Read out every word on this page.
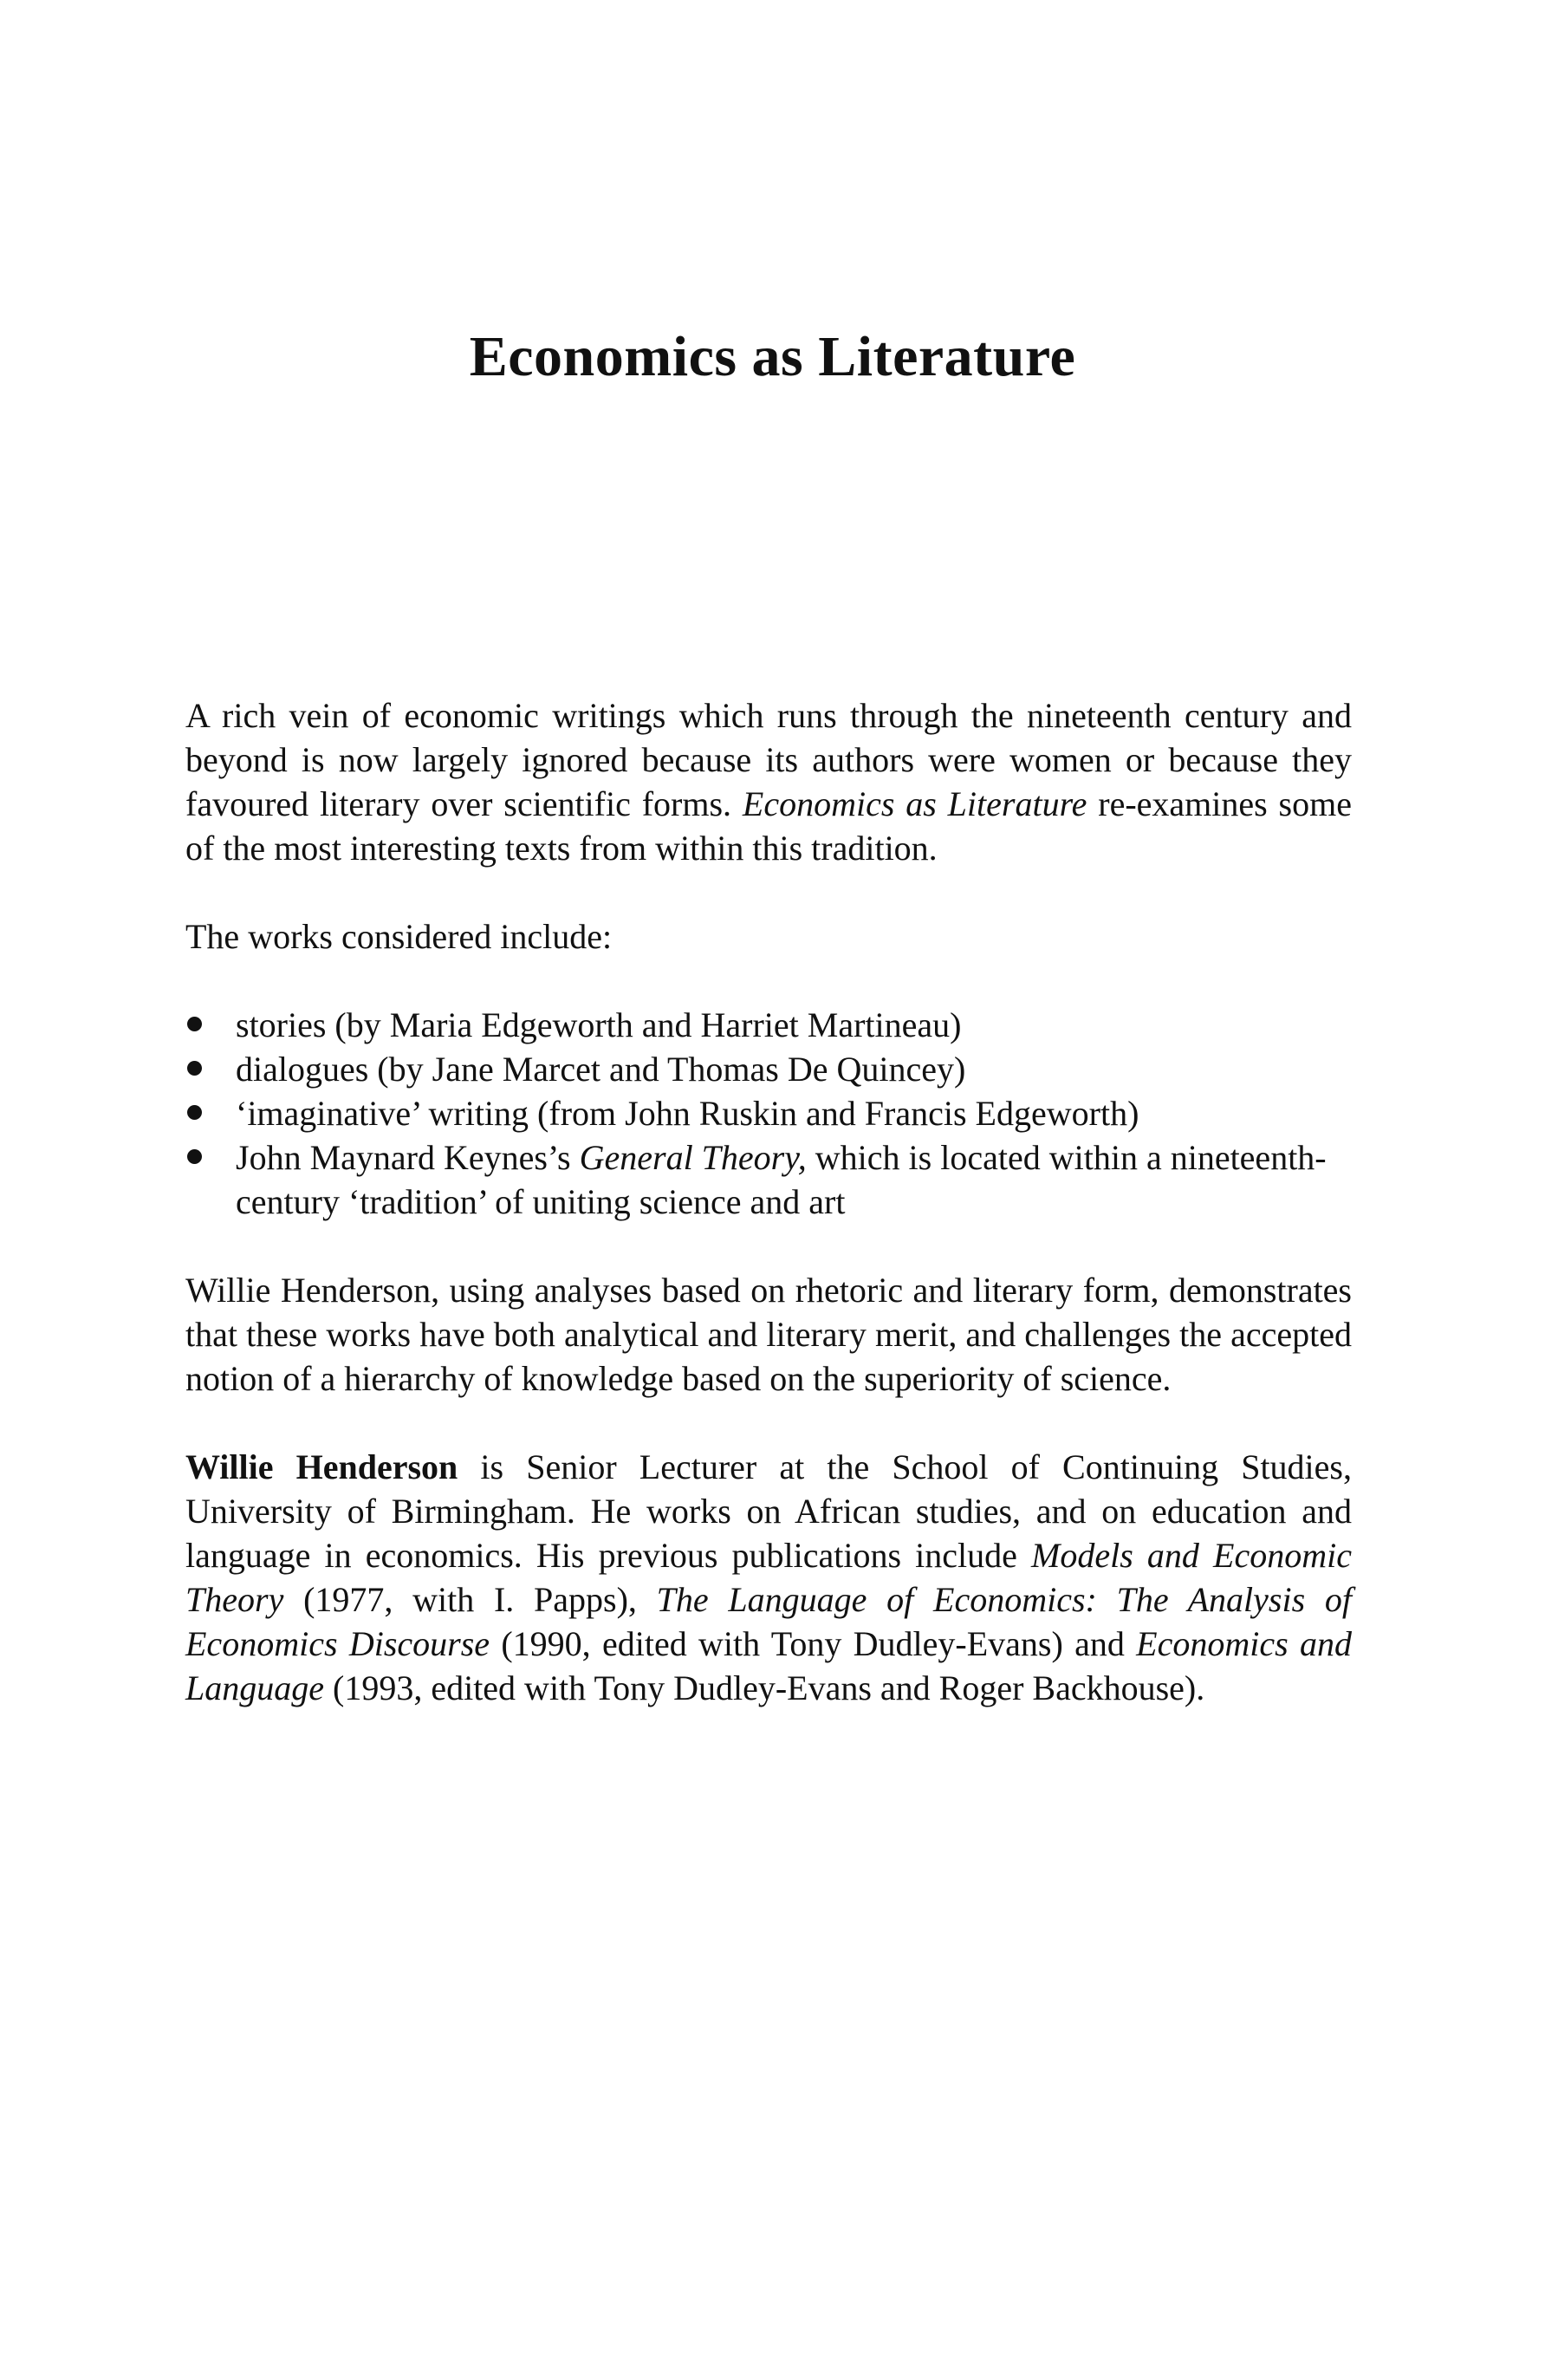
Economics as Literature

A rich vein of economic writings which runs through the nineteenth century and beyond is now largely ignored because its authors were women or because they favoured literary over scientific forms. Economics as Literature re-examines some of the most interesting texts from within this tradition.

The works considered include:

stories (by Maria Edgeworth and Harriet Martineau)
dialogues (by Jane Marcet and Thomas De Quincey)
‘imaginative’ writing (from John Ruskin and Francis Edgeworth)
John Maynard Keynes’s General Theory, which is located within a nineteenth-century ‘tradition’ of uniting science and art

Willie Henderson, using analyses based on rhetoric and literary form, demonstrates that these works have both analytical and literary merit, and challenges the accepted notion of a hierarchy of knowledge based on the superiority of science.

Willie Henderson is Senior Lecturer at the School of Continuing Studies, University of Birmingham. He works on African studies, and on education and language in economics. His previous publications include Models and Economic Theory (1977, with I. Papps), The Language of Economics: The Analysis of Economics Discourse (1990, edited with Tony Dudley-Evans) and Economics and Language (1993, edited with Tony Dudley-Evans and Roger Backhouse).
